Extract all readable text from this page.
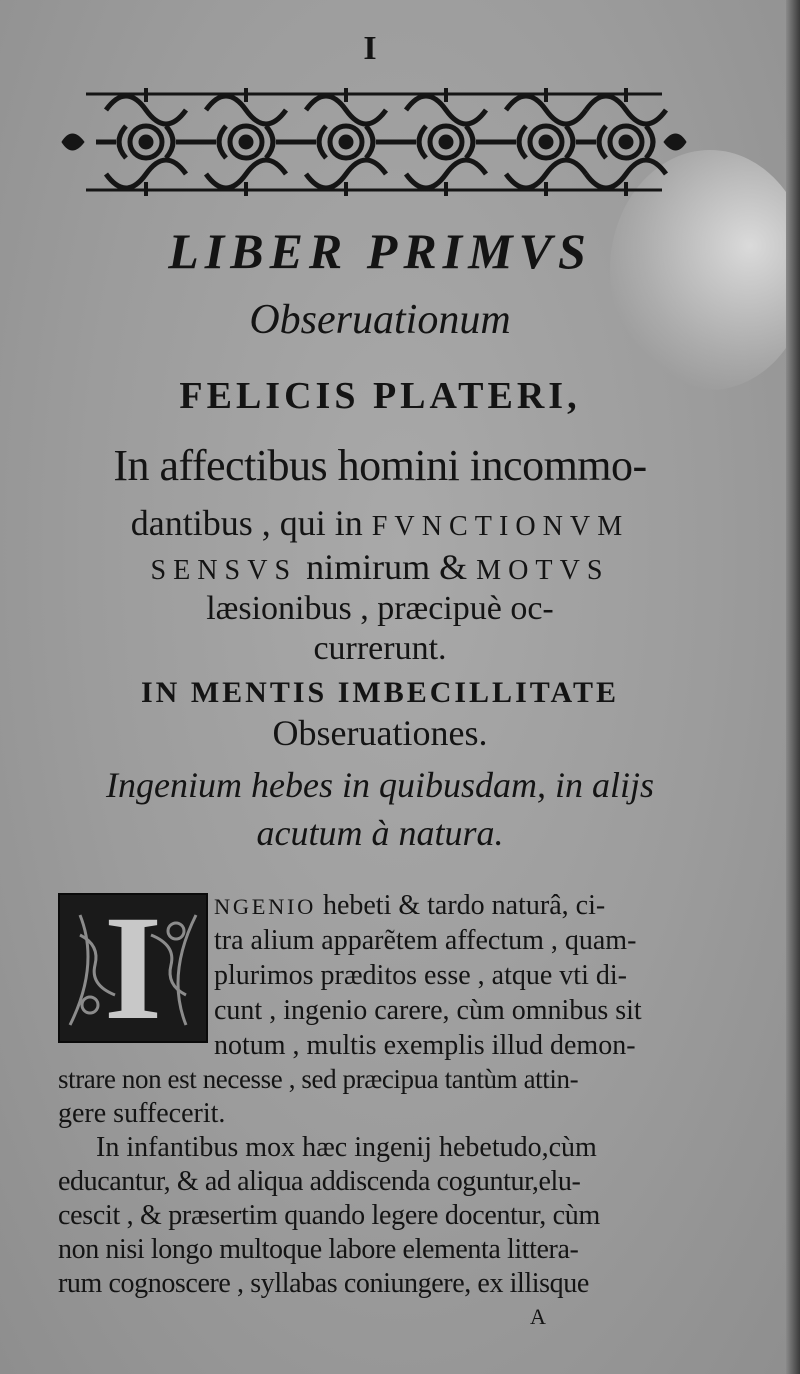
I
LIBER PRIMVS
Obseruationum
FELICIS PLATERI,
In affectibus homini incommo-
dantibus , qui in FVNCTIONVM
SENSVS nimirum & MOTVS
læsionibus , præcipuè oc-
currerunt.
IN MENTIS IMBECILLITATE
Obseruationes.
Ingenium hebes in quibusdam, in alijs
acutum à natura.
I	NGENIO hebeti & tardo naturâ, ci-
tra alium apparẽtem affectum , quam-
plurimos præditos esse , atque vti di-
cunt , ingenio carere, cùm omnibus sit
notum , multis exemplis illud demon-
strare non est necesse , sed præcipua tantùm attin-
gere suffecerit.
In infantibus mox hæc ingenij hebetudo,cùm
educantur, & ad aliqua addiscenda coguntur,elu-
cescit , & præsertim quando legere docentur, cùm
non nisi longo multoque labore elementa littera-
rum cognoscere , syllabas coniungere, ex illisque
A
